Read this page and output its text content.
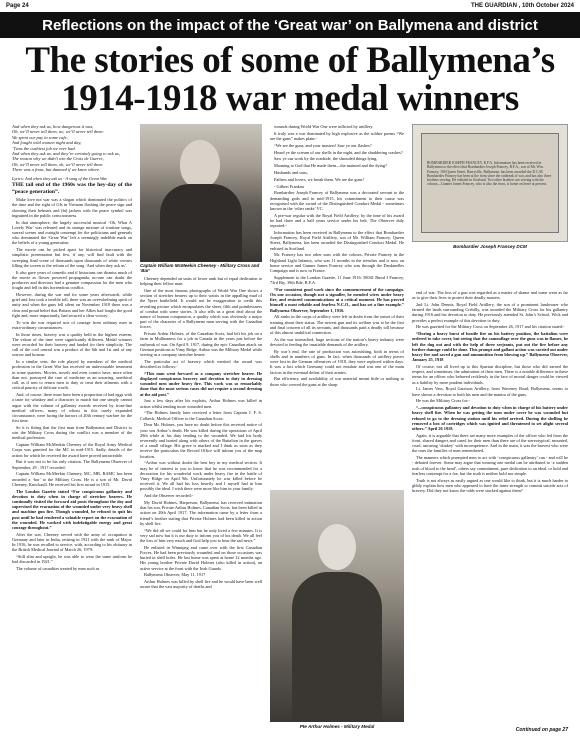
Page 24	THE GUARDIAN , 10th October 2024
Reflections on the impact of the ‘Great war’ on Ballymena and district
The stories of some of Ballymena’s
1914-1918 war medal winners
And when they ask us, how dangerous it was,
Oh, we’ll never tell them, no, we’ll never tell them:
We spent our pay in some cafe,
And fought wild women night and day,
’Twas the cushiest job we ever had.
And when they ask us, and they’re certainly going to ask us,
The reason why we didn’t win the Croix de Guerre,
Oh, we’ll never tell them, oh, we’ll never tell them
There was a front, but damned if we knew where.

Lyrics: And when they ask us - A song of the Great War.

THE tail end of the 1960s was the hey-day of the “peace generation”.

Make love not war was a slogan which dominated the politics of the time and the sight of GIs in Vietnam flashing the peace sign and showing their helmets and (bi) jackets with the peace symbol was ingrained in the public consciousness.

In that atmosphere, the hugely successful musical ‘Oh, What A Lovely War’ was released and its strange mixture of wartime songs, surreal scenes and outright contempt for the politicians and generals who dominated the ‘Great War’ left a seemingly indelible mark on the beliefs of a young generation.

The movie can be picked apart for historical inaccuracy and simplistic presentation but few, if any, will find fault with the sweeping final scene of thousands upon thousands of white crosses filling the screen to the refrain of the song ‘And when they ask us’.

It also gave years of comedic and if historians can dismiss much of the movie as flower powered propaganda, no-one can doubt the producers and directors had a genuine compassion for the men who fought and fell in this horrendous conflict.

However, during the war and for some years afterwards, while grief and loss took a terrible toll, there was an overwhelming spirit of unity and when the guns fell silent on November 1918 there was a clear and proud belief that Britain and her Allies had fought the good fight and, more importantly, had secured a clear victory.

To win the war required acts of courage from ordinary men in extra-ordinary circumstances.

In those times, bravery was a quality held in the highest esteem. The valour of the time were significantly different. Medal winners were recorded for their bravery and lauded for their simplicity. The call of the cool central was a product of the 6th and 1st and of any sorrow and honour.

In a similar vein, the role played by members of the medical profession in the Great War has received an unfavourable treatment in some quarters. Movies, novels and even comics have, more often than not, portrayed the care of medicine as an uncaring, unethical call, as if sent to return men to duty or treat their ailments with a critical paucity of delicate worth.

And, of course, there must have been a proportion of bad eggs with a taste for whiskey and a character to match but one simply cannot argue with the volume of gallantry awards received by front-line medical officers, many of whom in this rarely expanded circumstance, were facing the horrors of 20th century warfare for the first time.

So it is fitting that the first man from Ballymena and District to win the Military Cross during the conflict was a member of the medical profession.

Captain William McMeekin Cheeney of the Royal Army Medical Corps was gazetted for the MC in mid-1915. Sadly, details of the action for which he received the award have proved untraceable.

But it was not to be his only citation. The Ballymena Observer of September, 29 , 1917 recorded:

Captain William McMeekin Cheeney, MC, MB, RAMC has been awarded a ‘bar’ to the Military Cross. He is a son of Mr. David Cheeney, Knockaull. He received his first award in 1915.

The London Gazette stated “For conspicuous gallantry and devotion to duty when in charge of stretcher bearers. He continually visited the forward aid posts throughout the day and supervised the evacuation of the wounded under very heavy shell and machine gun fire. Though wounded, he refused to quit his post until he had rendered a valuable report on the evacuation of the wounded. He worked with indefatigable energy and great courage throughout.”

After the war, Cheeney served with the army of occupation in Germany and later in India, retiring in 1921 with the rank of Major. In 1916, he was recalled to service, with, according to his obituary in the British Medical Journal of March 26, 1979:

“Still slim and upright, he was able to wear the same uniform he had discarded in 1921.”

The volume of casualties treated by men such as

Captain William McMeekin Cheeney - Military Cross and ‘Bar’

Cheeney depended on units of lower rank but of equal dedication to helping their fellow man.

One of the most famous photographs of World War One shows a section of stretcher bearers up to their waists in the appalling mud of the Ypres battlefield. It would not be exaggeration to credit this revealing picture which encapsulates the sheer, filth and pointlessness of combat with some stories. It also tells us a great deal about the nature of human compassion, a quality which was obviously a major part of the character of a Ballymena man serving with the Canadian forces.

Private Arthur Holmes, of the Canadian Scots, had left his job on a farm in Mullinaness for a job in Canada in the years just before the outbreak of war. On April 9, 1917, during the epic Canadian attack on German positions at Vimy Ridge, Arthur was the Military Medal while serving as a company stretcher bearer.

The particular act of bravery which merited the award was described as follows:-

“This man went forward as a company stretcher bearer. He displayed conspicuous bravery and devotion to duty in dressing wounded men under heavy fire. This work was so remarkably done that the most serious cases did not require a second dressing at the aid post.”

Just a few days after his exploits, Arthur Holmes was killed in action whilst tending more wounded men.

“The Holmes family later received a letter from Captain J. F. S. Colbeck, Medical Officer to the Canadian Scots:

Dear Mr. Holmes, you have no doubt before this received notice of your son Arthur’s death. He was killed during the operations of April 29th while at his duty tending to the wounded. We laid his body reverently and buried along with others of the Battalion in the graves of a small village. His grave is marked and I think as soon as they receive the particulars the Record Office will inform you of the map location.

“Arthur was without doubt the best boy in my medical section. It may be of interest to you to know that he was recommended for a decoration for his wonderful work under heavy fire in the battle of Vimy Ridge on April 9th. Unfortunately he was killed before he received it. We all had his loss heavily and I myself had in him possibly the ideal. I wish there were more like him in your family.

And the Observer recorded:-

My David Holmes, Harperson, Ballymena, has received intimation that his son, Private Arthur Holmes, Canadian Scots, has been killed in action on 20th April 1917. The information came by a letter from a friend’s brother stating that Private Holmes had been killed in action by shell fire.

“We did all we could for him but he only lived a few minutes. It is very sad now but it is our duty to inform you of his death. We all feel the loss of him very much and God help you to bear the sad news.”

He enlisted in Winnipeg and came over with the first Canadian Forces. He had been previously wounded and on those occasions was buried in shell holes. He last home was spent at home 12 months ago. His young brother Private David Holmes (also killed in action), an active service at the front with the Irish Guards.

Ballymena Observer, May 11, 1917

Arthur Holmes was killed by shell fire and he would have been well aware that the vast majority of deaths and

wounds during World War One were inflicted by artillery.

It truly was a war dominated by high explosive as the soldier poems “We are the guns” makes plain:-

“We are the guns, and your masters! Saw ye our flashes?

Heard ye the scream of our shells in the night, and the shuddering crashes?

Saw ye our work by the roadside, the shrouded things lying,

Moaning to God that He made them—the maimed and the dying?

Husbands and sons,

Fathers and lovers, we break them. We are the guns!

- Gilbert Frankau

Bombardier Joseph Francey of Ballymena was a decorated servant to the demanding gods and in mid-1915, his commitment to their cause was recognised with the award of the Distinguished Conduct Medal - sometimes known as the ‘other ranks’ VC.

A pre-war regular with the Royal Field Artillery, by the time of his award he had three and a half years service under his belt. The Observer duly reported:-

Information has been received in Ballymena to the effect that Bombardier Joseph Francey, Royal Field Artillery, son of Mr. William Francey, Queen Street, Ballymena, has been awarded the Distinguished Conduct Medal. He enlisted in Scotland.

Mr. Francey has two other sons with the colours, Private Francey in the Highland Light Infantry, who was 11 months in the trenches and is now on home service and Gunner James Francey who was through the Dardanelles Campaign and is now in France.

Supplement to the London Gazette, 11 June 1916: 58041 Bmrd J Francey, 73rd Bty, 39th Bde, R.F.A.

“For consistent good work since the commencement of the campaign. On one occasion, though not a signaller, he mended wires under heavy fire, and restored communications at a critical moment. He has proved himself a most reliable and fearless N.C.O., and has set a fine example.” Ballymena Observer, September 1, 1916.

All ranks in the corps of artillery were left in doubt from the outset of their training about their status. The newest gun and its welfare was to be the first and final concern of all its servants, and thousands paid a deadly toll because of this almost umbilical connection.

As the war intensified, huge sections of the nation’s heavy industry were devoted to feeding the insatiable demands of the artillery.

By war’s end, the rate of production was astonishing, both in terms of shells and in numbers of guns. In fact, when thousands of artillery pieces were lost in the German offensives of 1918, they were replaced within days. It was a fact which Germany could not emulate and was one of the main factors in the eventual defeat of their armies.

But efficiency and availability of war material meant little or nothing to those who crewed the guns at the sharp

Pte Arthur Holmes - Military Medal
BOMBARDIER JOSEPH FRANCEY, R.F.A. Information has been received in Ballymena to the effect that Bombardier Joseph Francey, R.F.A., son of Mr. Wm. Francey, 100 Queen Street, Harryville, Ballymena, has been awarded the D.C.M. Bombardier Francey has been at the front since the outbreak of war, and has also three brothers serving. He enlisted in Scotland. Two other brothers are serving with the colours—Gunner James Francey, who is also the front, is home on leave at present.
Bombardier Joseph Francey DCM

end of war. The loss of a gun was regarded as a matter of shame and some went as far as to give their lives to protect their deadly masters.

2nd Lt. John Dennis, Royal Field Artillery, the son of a prominent landowner who farmed the lands surrounding Crebilly, was awarded the Military Cross for his gallantry during 1916 and his devotion to duty. He previously attended St. John’s School, Wick and provides a perfect example of this devotion to duty.

He was gazetted for the Military Cross on September 26, 1917 and his citation stated:-

“During a heavy burst of hostile fire on his battery position, the battalion were ordered to take cover, but seeing that the camouflage over the guns was in flames, he left the dug out and with the help of three serjeants, put out the fire before any further damage could be done. This prompt and gallant action was carried out under heavy fire and saved a gun and ammunition from blowing up.” Ballymena Observer, January 25, 1918

Of course, not all lived up to this Spartan discipline, but those who did earned the respect, and sometimes, the admiration of their men. There is a notable difference in these terms for an officer who behaved recklessly in the face of mortal danger could be viewed as a liability by more prudent individuals.

Lt. James Vass, Royal Garrison Artillery, from Waveney Road, Ballymena, seems to have shown a devotion to both his men and the mantra of the guns.

He was the Military Cross for:-

“...conspicuous gallantry and devotion to duty when in charge of his battery under heavy shell fire. When he was getting the men under cover he was wounded but refused to go to the dressing station until his relief arrived. During the shelling he removed a box of cartridges which was ignited and threatened to set alight several others.” April 26 1918.

Again, it is arguable that there are many more examples of the officer who led from the front, shared dangers and cared for their men than there are of the stereotypical, mounted, cruel, uncaring ‘donkey’ with incompetence. And in the main, it was the bravest who were the ones the families of men remembered.

The manners which prompted men to act with ‘conspicuous gallantry’ can - and will be - debated forever. Some may argue that wearing one medal can be attributed to ‘a sudden rush of blood to the head’, others say commitment, pure dedication to an ideal, or bold and fearless contempt for a foe, but the truth is neither bold nor simple.

Truth is not always as easily argued as one would like to think, but it is much harder to glibly explain how men who appeared to have the inner strength to commit suicide acts of bravery. Did they not know the odds were stacked against them?

Continued on page 27
